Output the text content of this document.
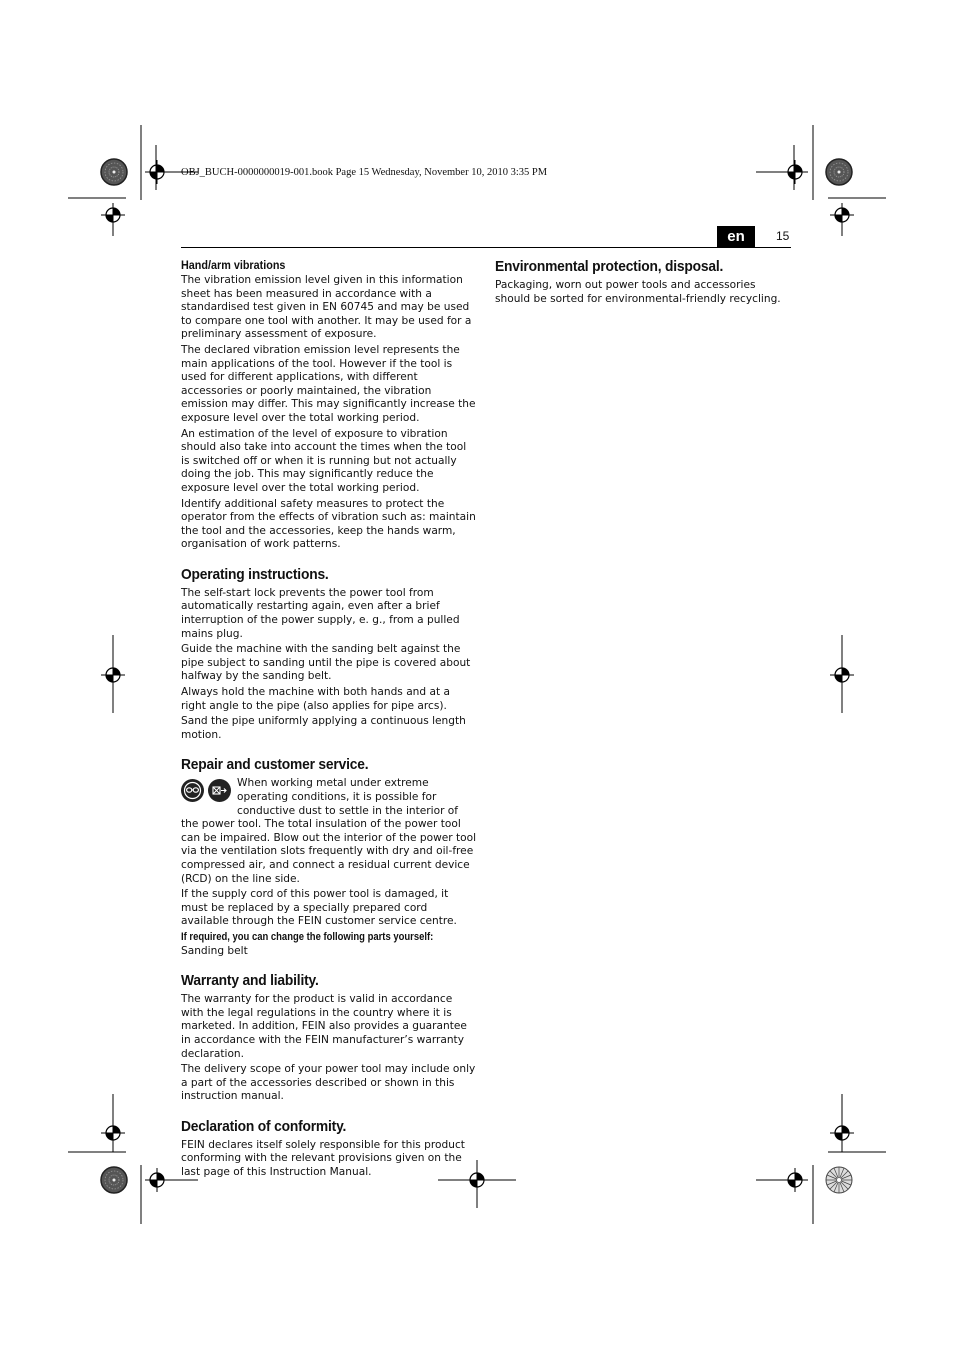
OBJ_BUCH-0000000019-001.book Page 15 Wednesday, November 10, 2010 3:35 PM
en	15
Hand/arm vibrations

The vibration emission level given in this information sheet has been measured in accordance with a standardised test given in EN 60745 and may be used to compare one tool with another. It may be used for a preliminary assessment of exposure.

The declared vibration emission level represents the main applications of the tool. However if the tool is used for different applications, with different accessories or poorly maintained, the vibration emission may differ. This may significantly increase the exposure level over the total working period.

An estimation of the level of exposure to vibration should also take into account the times when the tool is switched off or when it is running but not actually doing the job. This may significantly reduce the exposure level over the total working period.

Identify additional safety measures to protect the operator from the effects of vibration such as: maintain the tool and the accessories, keep the hands warm, organisation of work patterns.

Operating instructions.

The self-start lock prevents the power tool from automatically restarting again, even after a brief interruption of the power supply, e. g., from a pulled mains plug.

Guide the machine with the sanding belt against the pipe subject to sanding until the pipe is covered about halfway by the sanding belt.

Always hold the machine with both hands and at a right angle to the pipe (also applies for pipe arcs).

Sand the pipe uniformly applying a continuous length motion.

Repair and customer service.

When working metal under extreme operating conditions, it is possible for conductive dust to settle in the interior of the power tool. The total insulation of the power tool can be impaired. Blow out the interior of the power tool via the ventilation slots frequently with dry and oil-free compressed air, and connect a residual current device (RCD) on the line side.

If the supply cord of this power tool is damaged, it must be replaced by a specially prepared cord available through the FEIN customer service centre.

If required, you can change the following parts yourself:

Sanding belt

Warranty and liability.

The warranty for the product is valid in accordance with the legal regulations in the country where it is marketed. In addition, FEIN also provides a guarantee in accordance with the FEIN manufacturer’s warranty declaration.

The delivery scope of your power tool may include only a part of the accessories described or shown in this instruction manual.

Declaration of conformity.

FEIN declares itself solely responsible for this product conforming with the relevant provisions given on the last page of this Instruction Manual.

Environmental protection, disposal.

Packaging, worn out power tools and accessories should be sorted for environmental-friendly recycling.
